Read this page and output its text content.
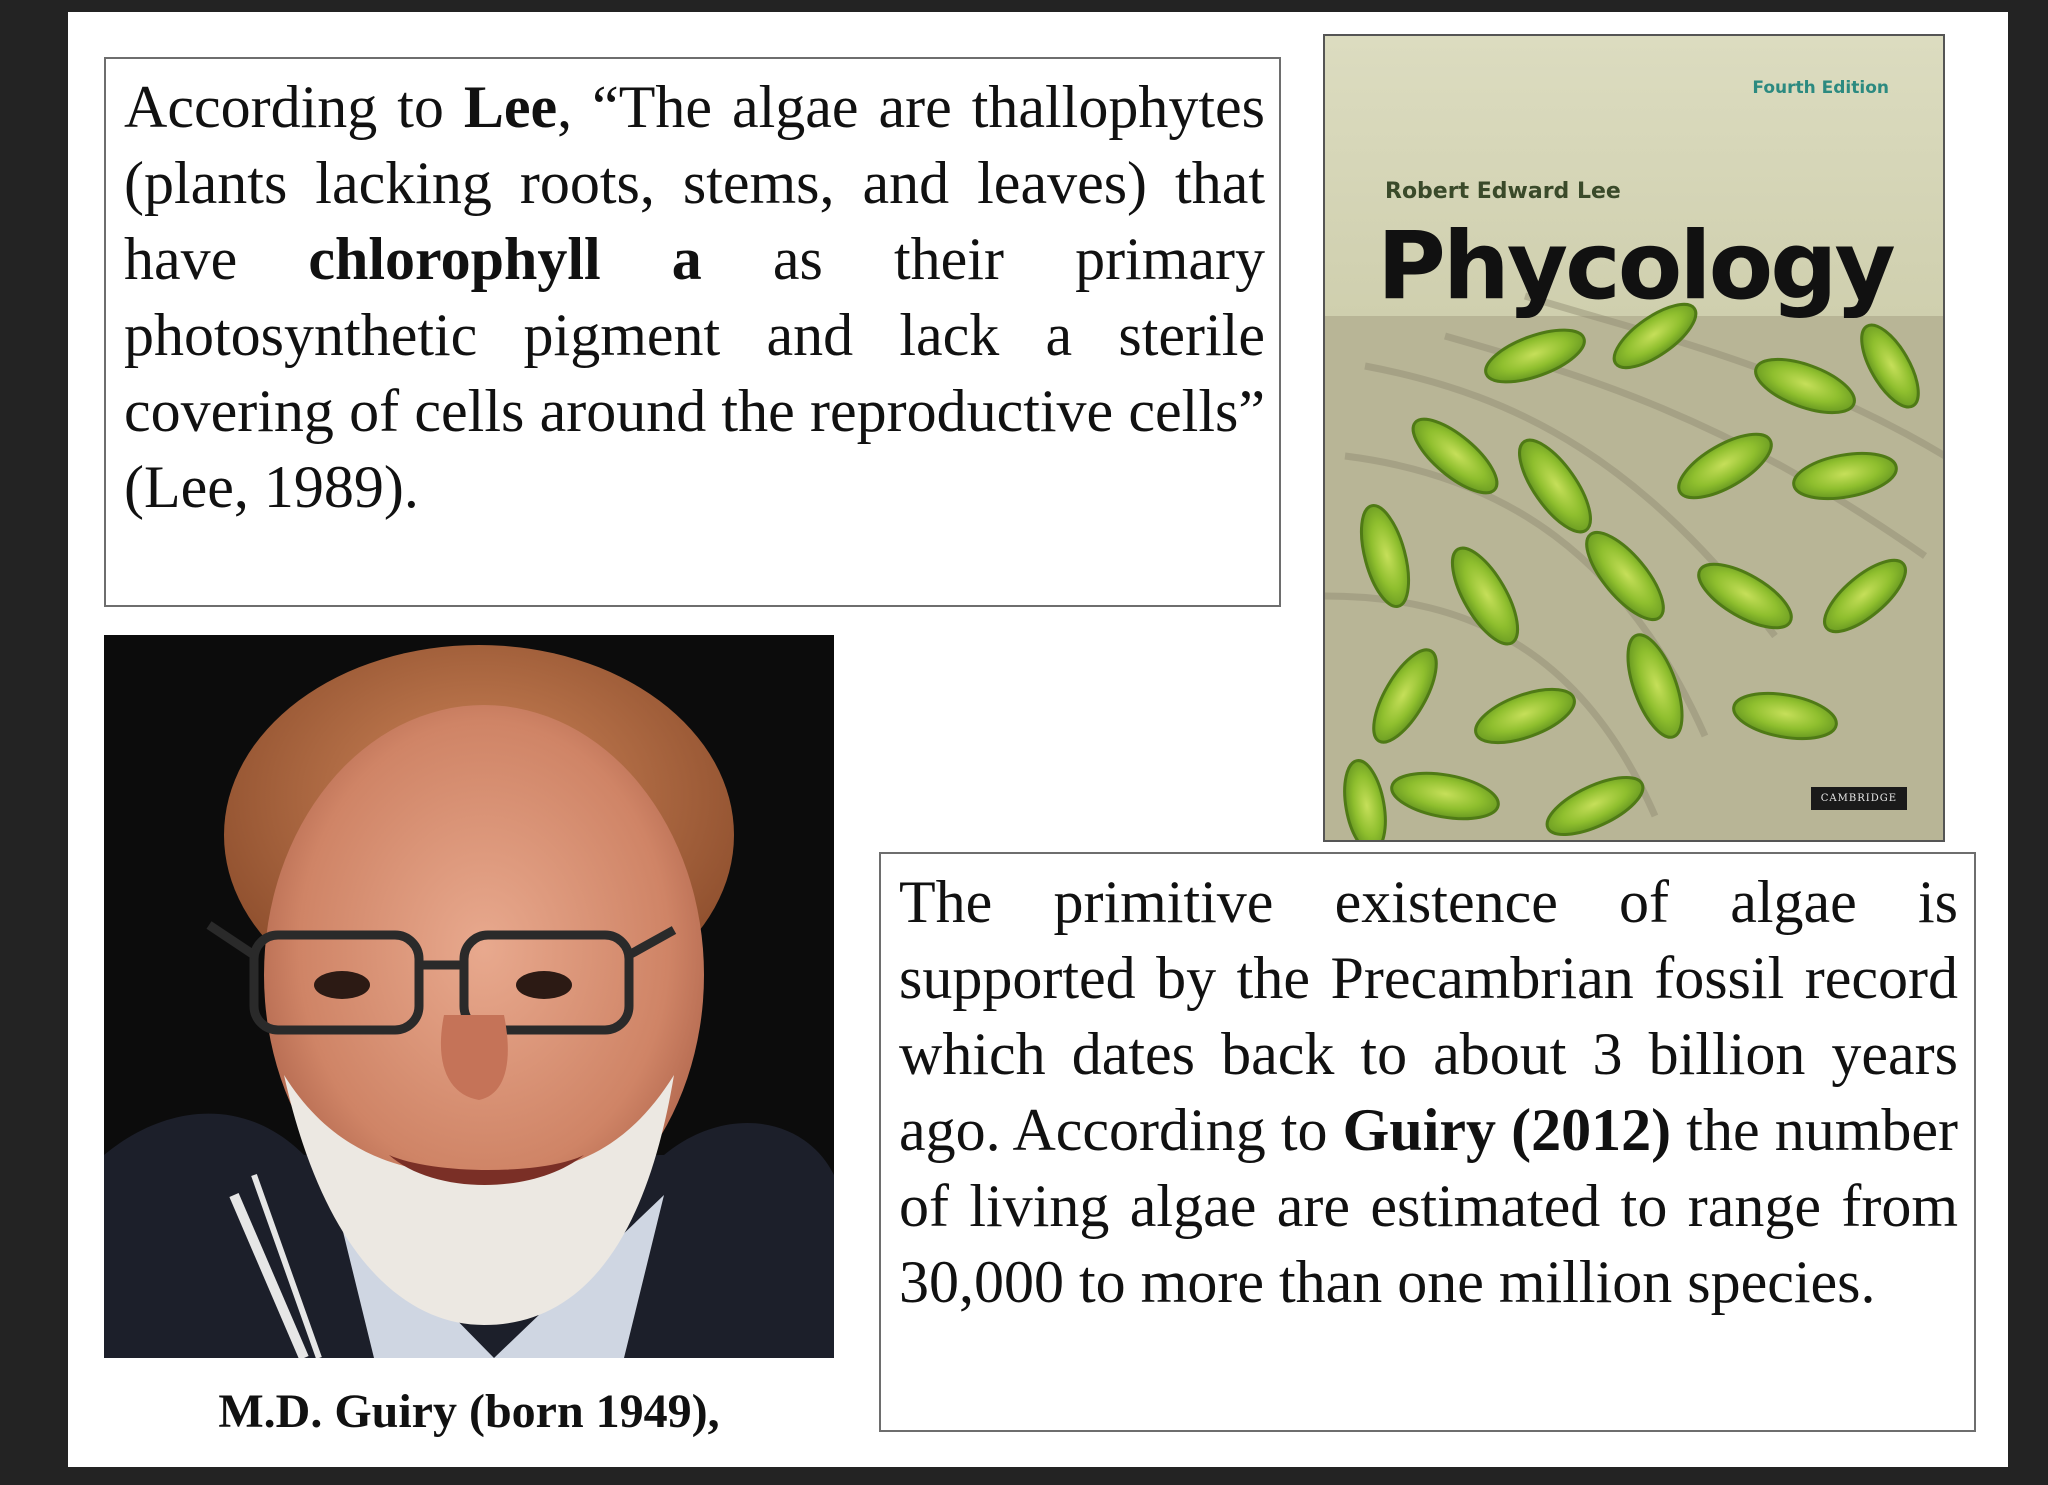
According to Lee, “The algae are thallophytes (plants lacking roots, stems, and leaves) that have chlorophyll a as their primary photosynthetic pigment and lack a sterile covering of cells around the reproductive cells” (Lee, 1989).
Fourth Edition
Robert Edward Lee
Phycology
CAMBRIDGE
M.D. Guiry (born 1949),
The primitive existence of algae is supported by the Precambrian fossil record which dates back to about 3 billion years ago. According to Guiry (2012) the number of living algae are estimated to range from 30,000 to more than one million species.
